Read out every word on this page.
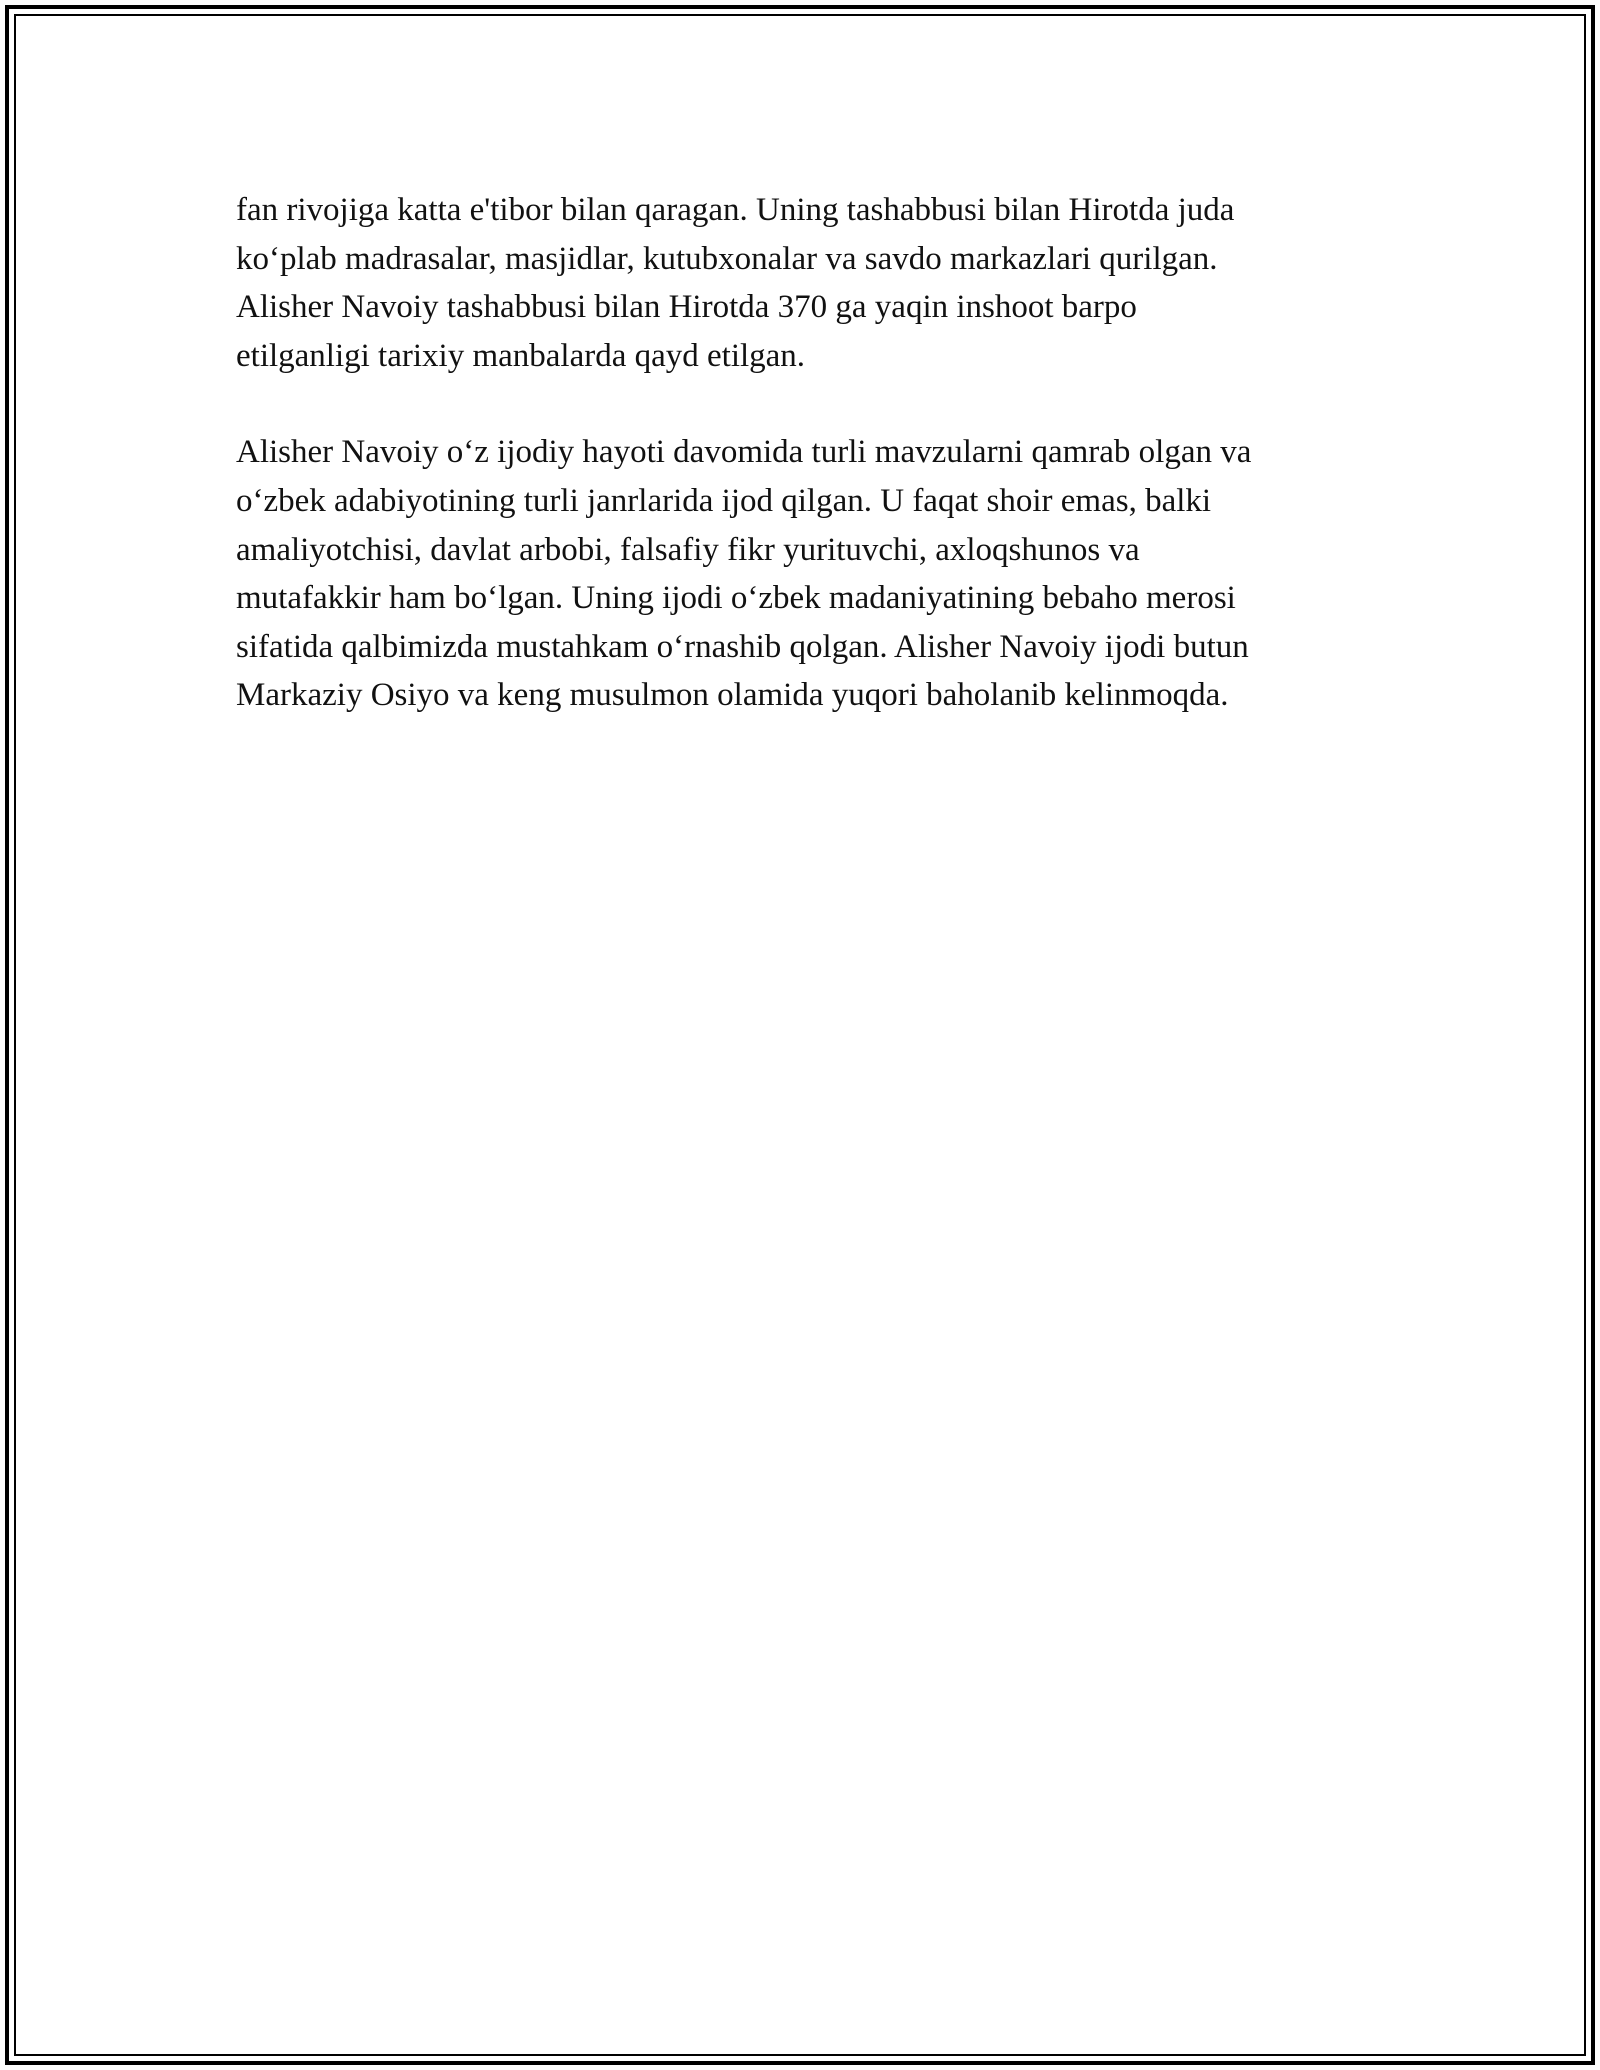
fan rivojiga katta e'tibor bilan qaragan. Uning tashabbusi bilan Hirotda juda
ko‘plab madrasalar, masjidlar, kutubxonalar va savdo markazlari qurilgan.
Alisher Navoiy tashabbusi bilan Hirotda 370 ga yaqin inshoot barpo
etilganligi tarixiy manbalarda qayd etilgan.

Alisher Navoiy o‘z ijodiy hayoti davomida turli mavzularni qamrab olgan va
o‘zbek adabiyotining turli janrlarida ijod qilgan. U faqat shoir emas, balki
amaliyotchisi, davlat arbobi, falsafiy fikr yurituvchi, axloqshunos va
mutafakkir ham bo‘lgan. Uning ijodi o‘zbek madaniyatining bebaho merosi
sifatida qalbimizda mustahkam o‘rnashib qolgan. Alisher Navoiy ijodi butun
Markaziy Osiyo va keng musulmon olamida yuqori baholanib kelinmoqda.
